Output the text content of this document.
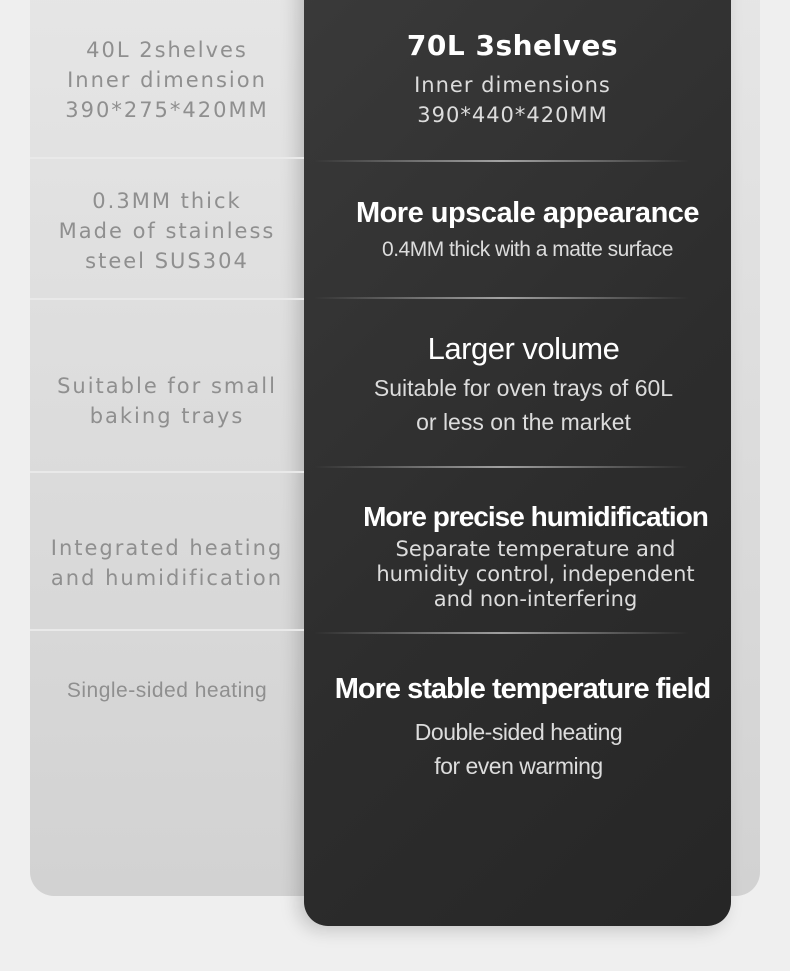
40L 2shelves
Inner dimension
390*275*420MM
0.3MM thick
Made of stainless
steel SUS304
Suitable for small
baking trays
Integrated heating
and humidification
Single-sided heating
70L 3shelves
Inner dimensions
390*440*420MM
More upscale appearance
0.4MM thick with a matte surface
Larger volume
Suitable for oven trays of 60L
or less on the market
More precise humidification
Separate temperature and
humidity control, independent
and non-interfering
More stable temperature field
Double-sided heating
for even warming
